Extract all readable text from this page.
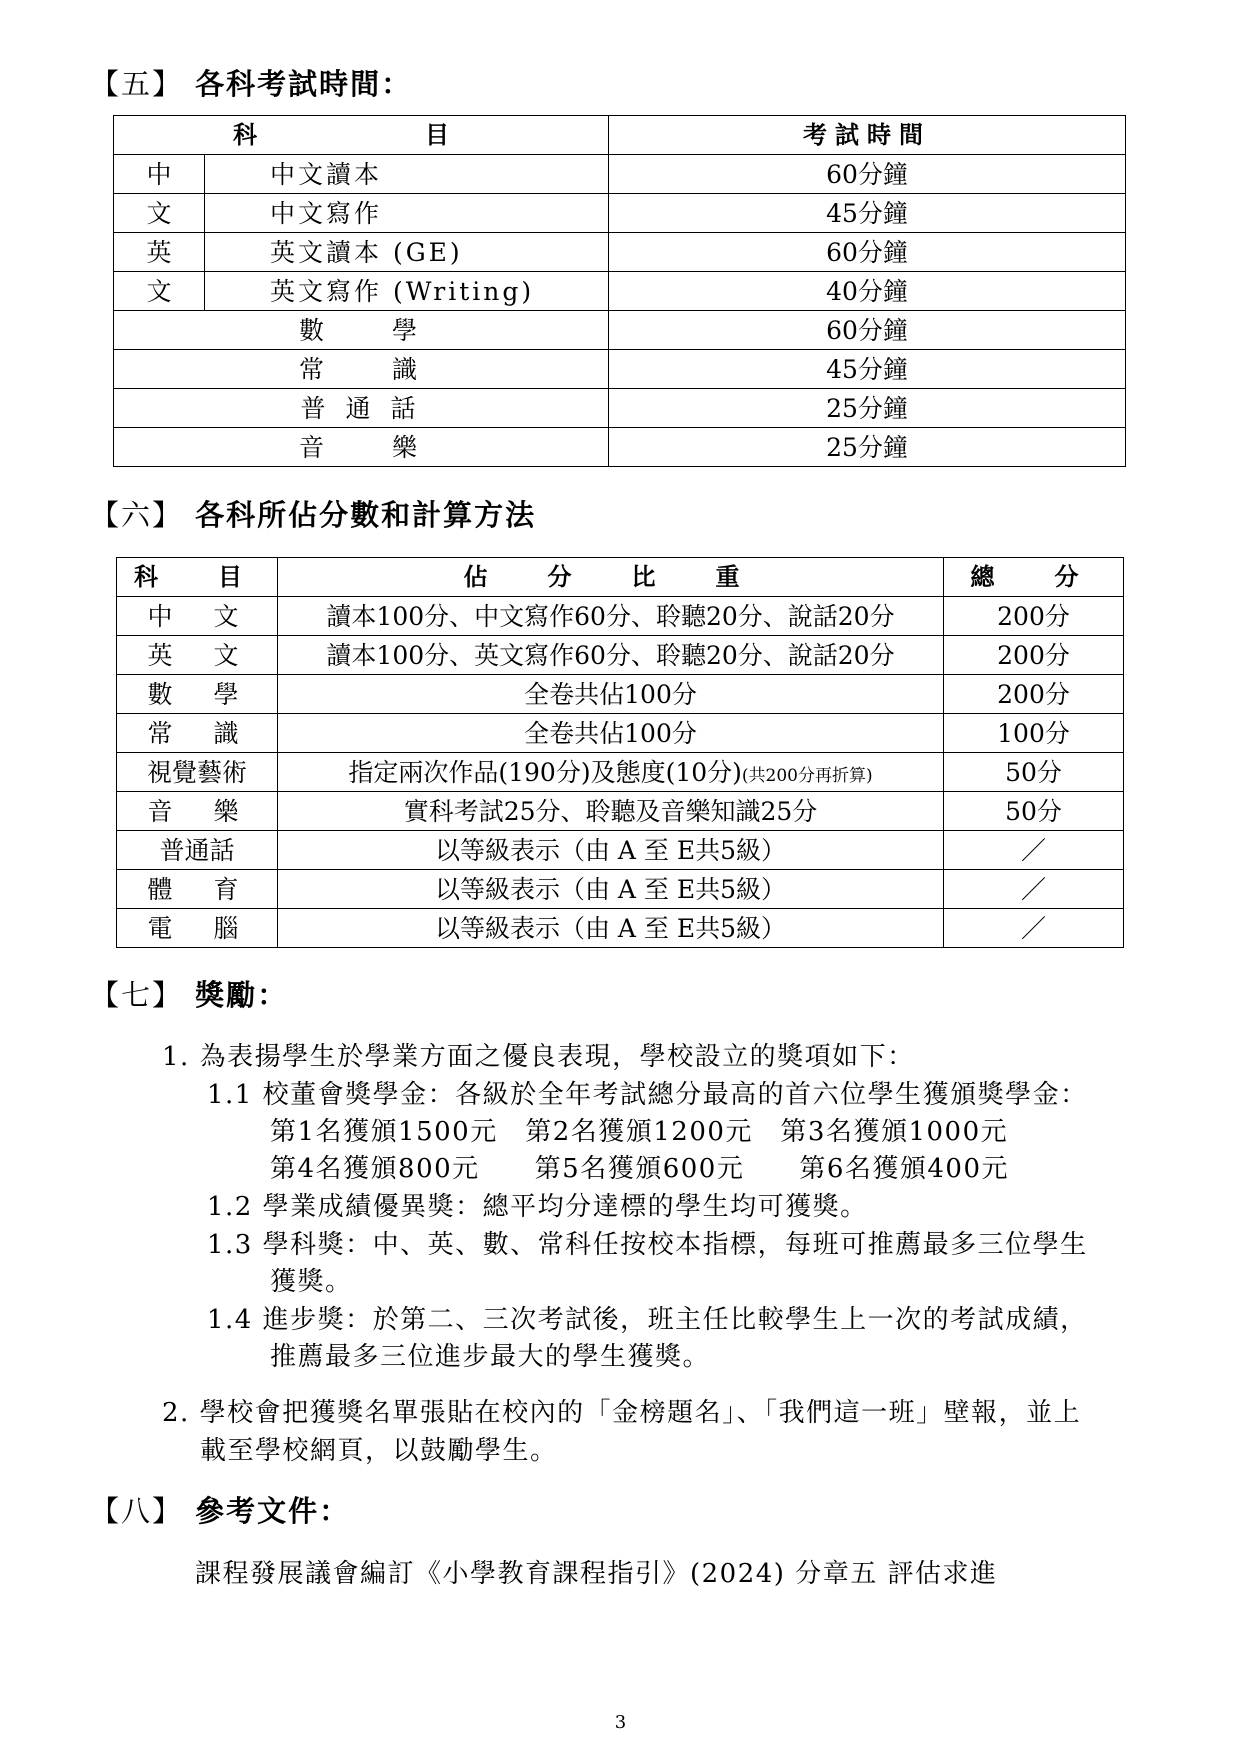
【五】 各科考試時間：
科　　目		考試時間
中	中文讀本	60分鐘
文	中文寫作	45分鐘
英	英文讀本 (GE)	60分鐘
文	英文寫作 (Writing)	40分鐘
數　　學		60分鐘
常　　識		45分鐘
普 通 話		25分鐘
音　　樂		25分鐘
【六】 各科所佔分數和計算方法
科　目	佔　分　比　重	總　分
中　文	讀本100分、中文寫作60分、聆聽20分、說話20分	200分
英　文	讀本100分、英文寫作60分、聆聽20分、說話20分	200分
數　學	全卷共佔100分	200分
常　識	全卷共佔100分	100分
視覺藝術	指定兩次作品(190分)及態度(10分)(共200分再折算)	50分
音　樂	實科考試25分、聆聽及音樂知識25分	50分
普通話	以等級表示（由 A 至 E共5級）	／
體　育	以等級表示（由 A 至 E共5級）	／
電　腦	以等級表示（由 A 至 E共5級）	／
【七】 獎勵：
1. 為表揚學生於學業方面之優良表現，學校設立的獎項如下：
1.1 校董會獎學金：各級於全年考試總分最高的首六位學生獲頒獎學金：
第1名獲頒1500元　第2名獲頒1200元　第3名獲頒1000元
第4名獲頒800元　　第5名獲頒600元　　第6名獲頒400元
1.2 學業成績優異獎：總平均分達標的學生均可獲獎。
1.3 學科獎：中、英、數、常科任按校本指標，每班可推薦最多三位學生
獲獎。
1.4 進步獎：於第二、三次考試後，班主任比較學生上一次的考試成績，
推薦最多三位進步最大的學生獲獎。
2. 學校會把獲獎名單張貼在校內的「金榜題名」、「我們這一班」壁報，並上
載至學校網頁，以鼓勵學生。
【八】 參考文件：
課程發展議會編訂《小學教育課程指引》(2024) 分章五 評估求進
3
